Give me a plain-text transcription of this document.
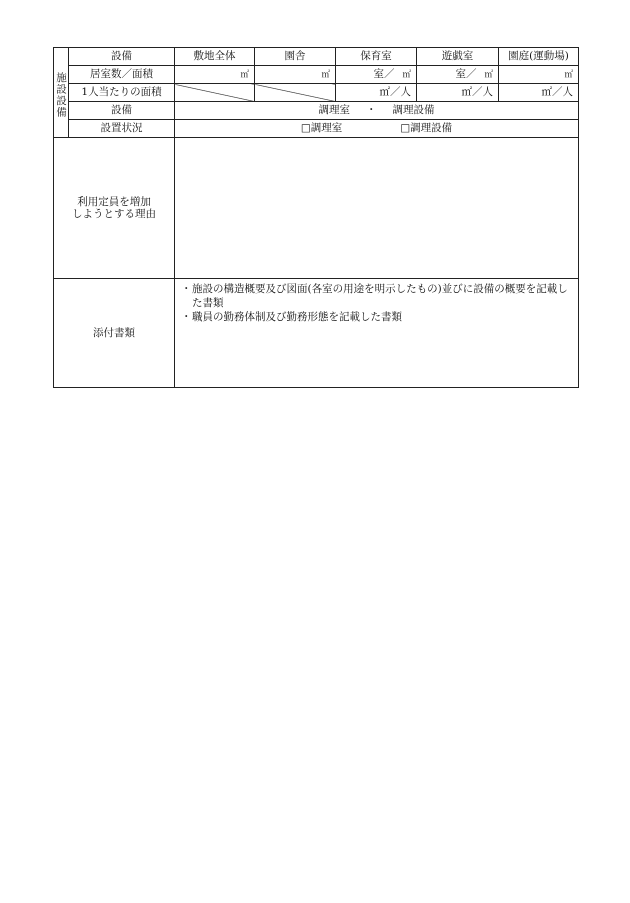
施設設備	設備	敷地全体	園舎	保育室	遊戯室	園庭(運動場)
	居室数／面積	㎡	㎡	室／ ㎡	室／ ㎡	㎡
	1人当たりの面積			㎡／人	㎡／人	㎡／人
	設備	調理室 ・ 調理設備				
	設置状況	□調理室 □調理設備				

利用定員を増加
しようとする理由						

添付書類		・ 施設の構造概要及び図面(各室の用途を明示したもの)並びに設備の概要を記載した書類
・ 職員の勤務体制及び勤務形態を記載した書類				
